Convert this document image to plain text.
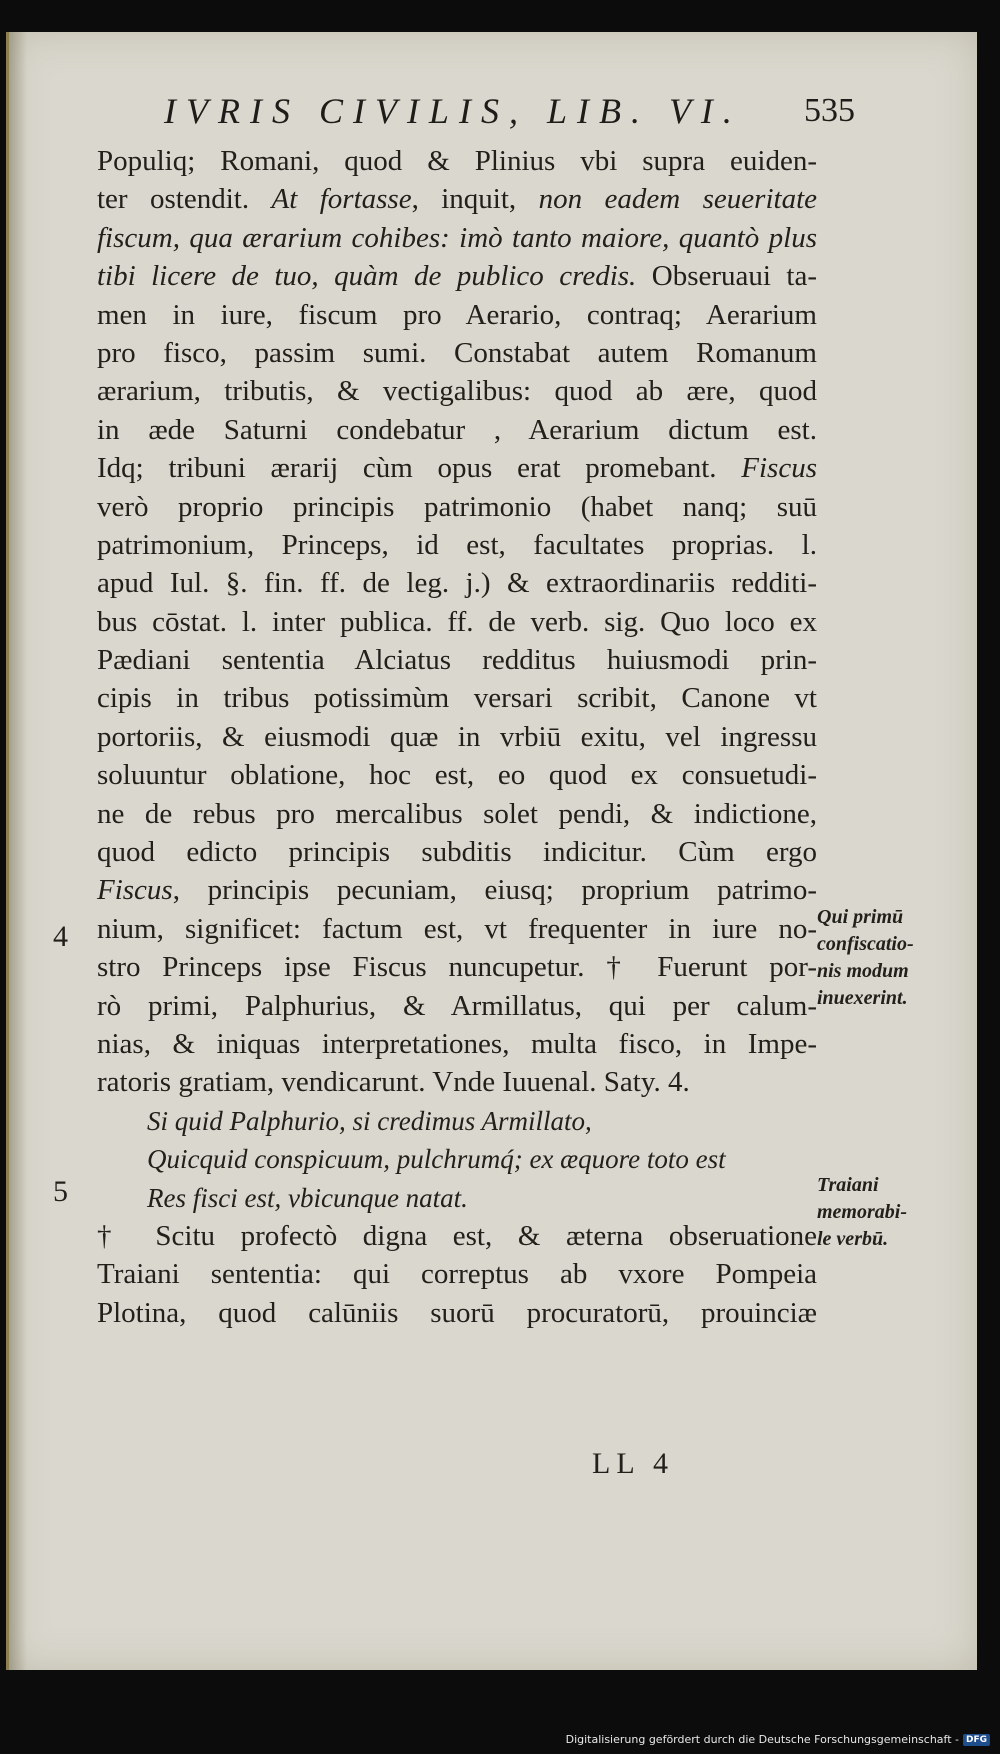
IVRIS CIVILIS, LIB. VI. 535
Populiq; Romani, quod & Plinius vbi supra euiden-
ter ostendit. At fortasse, inquit, non eadem seueritate
fiscum, qua ærarium cohibes: imò tanto maiore, quantò plus
tibi licere de tuo, quàm de publico credis. Obseruaui ta-
men in iure, fiscum pro Aerario, contraq; Aerarium
pro fisco, passim sumi. Constabat autem Romanum
ærarium, tributis, & vectigalibus: quod ab ære, quod
in æde Saturni condebatur , Aerarium dictum est.
Idq; tribuni ærarij cùm opus erat promebant. Fiscus
verò proprio principis patrimonio (habet nanq; suū
patrimonium, Princeps, id est, facultates proprias. l.
apud Iul. §. fin. ff. de leg. j.) & extraordinariis redditi-
bus cōstat. l. inter publica. ff. de verb. sig. Quo loco ex
Pædiani sententia Alciatus redditus huiusmodi prin-
cipis in tribus potissimùm versari scribit, Canone vt
portoriis, & eiusmodi quæ in vrbiū exitu, vel ingressu
soluuntur oblatione, hoc est, eo quod ex consuetudi-
ne de rebus pro mercalibus solet pendi, & indictione,
quod edicto principis subditis indicitur. Cùm ergo
Fiscus, principis pecuniam, eiusq; proprium patrimo-
nium, significet: factum est, vt frequenter in iure no-
stro Princeps ipse Fiscus nuncupetur. † Fuerunt por-
rò primi, Palphurius, & Armillatus, qui per calum-
nias, & iniquas interpretationes, multa fisco, in Impe-
ratoris gratiam, vendicarunt. Vnde Iuuenal. Saty. 4.
Si quid Palphurio, si credimus Armillato,
Quicquid conspicuum, pulchrumq́; ex æquore toto est
Res fisci est, vbicunque natat.
† Scitu profectò digna est, & æterna obseruatione
Traiani sententia: qui correptus ab vxore Pompeia
Plotina, quod calūniis suorū procuratorū, prouinciæ
4
5
Qui primū
confiscatio-
nis modum
inuexerint.
Traiani
memorabi-
le verbū.
LL 4
Digitalisierung gefördert durch die Deutsche Forschungsgemeinschaft - DFG
